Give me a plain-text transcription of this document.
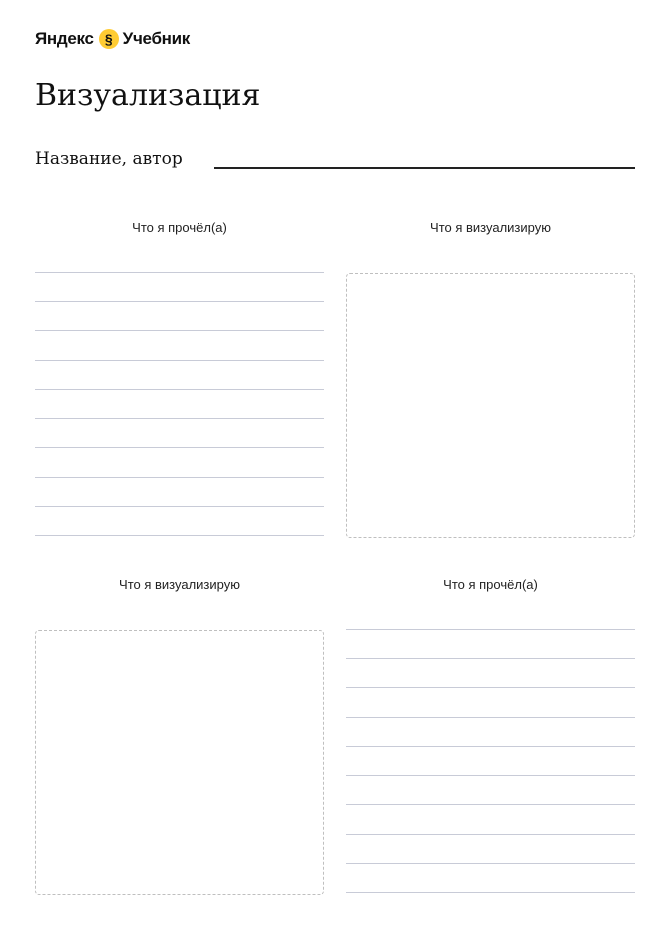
Яндекс § Учебник
Визуализация
Название, автор
Что я прочёл(а)	Что я визуализирую
Что я визуализирую	Что я прочёл(а)
